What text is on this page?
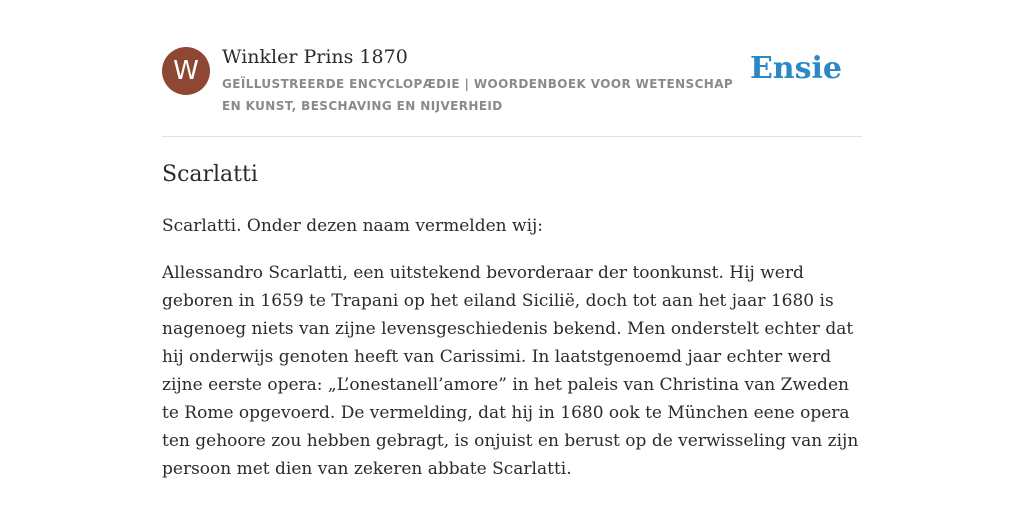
W	Winkler Prins 1870
GEÏLLUSTREERDE ENCYCLOPÆDIE | WOORDENBOEK VOOR WETENSCHAP EN KUNST, BESCHAVING EN NIJVERHEID
Ensie
Scarlatti

Scarlatti. Onder dezen naam vermelden wij:

Allessandro Scarlatti, een uitstekend bevorderaar der toonkunst. Hij werd geboren in 1659 te Trapani op het eiland Sicilië, doch tot aan het jaar 1680 is nagenoeg niets van zijne levensgeschiedenis bekend. Men onderstelt echter dat hij onderwijs genoten heeft van Carissimi. In laatstgenoemd jaar echter werd zijne eerste opera: „L’onestanell’amore” in het paleis van Christina van Zweden te Rome opgevoerd. De vermelding, dat hij in 1680 ook te München eene opera ten gehoore zou hebben gebragt, is onjuist en berust op de verwisseling van zijn persoon met dien van zekeren abbate Scarlatti.
